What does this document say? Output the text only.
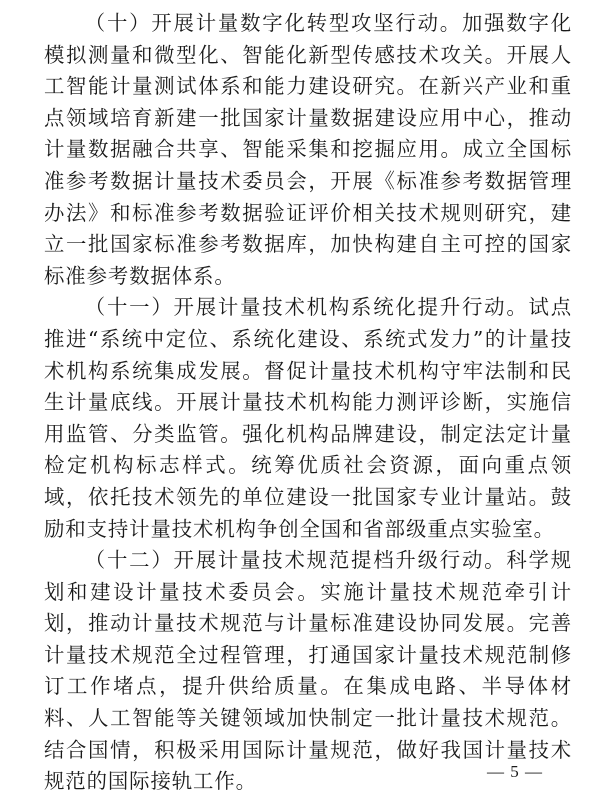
（十）开展计量数字化转型攻坚行动。加强数字化模拟测量和微型化、智能化新型传感技术攻关。开展人工智能计量测试体系和能力建设研究。在新兴产业和重点领域培育新建一批国家计量数据建设应用中心，推动计量数据融合共享、智能采集和挖掘应用。成立全国标准参考数据计量技术委员会，开展《标准参考数据管理办法》和标准参考数据验证评价相关技术规则研究，建立一批国家标准参考数据库，加快构建自主可控的国家标准参考数据体系。

（十一）开展计量技术机构系统化提升行动。试点推进“系统中定位、系统化建设、系统式发力”的计量技术机构系统集成发展。督促计量技术机构守牢法制和民生计量底线。开展计量技术机构能力测评诊断，实施信用监管、分类监管。强化机构品牌建设，制定法定计量检定机构标志样式。统筹优质社会资源，面向重点领域，依托技术领先的单位建设一批国家专业计量站。鼓励和支持计量技术机构争创全国和省部级重点实验室。

（十二）开展计量技术规范提档升级行动。科学规划和建设计量技术委员会。实施计量技术规范牵引计划，推动计量技术规范与计量标准建设协同发展。完善计量技术规范全过程管理，打通国家计量技术规范制修订工作堵点，提升供给质量。在集成电路、半导体材料、人工智能等关键领域加快制定一批计量技术规范。结合国情，积极采用国际计量规范，做好我国计量技术规范的国际接轨工作。	— 5 —
